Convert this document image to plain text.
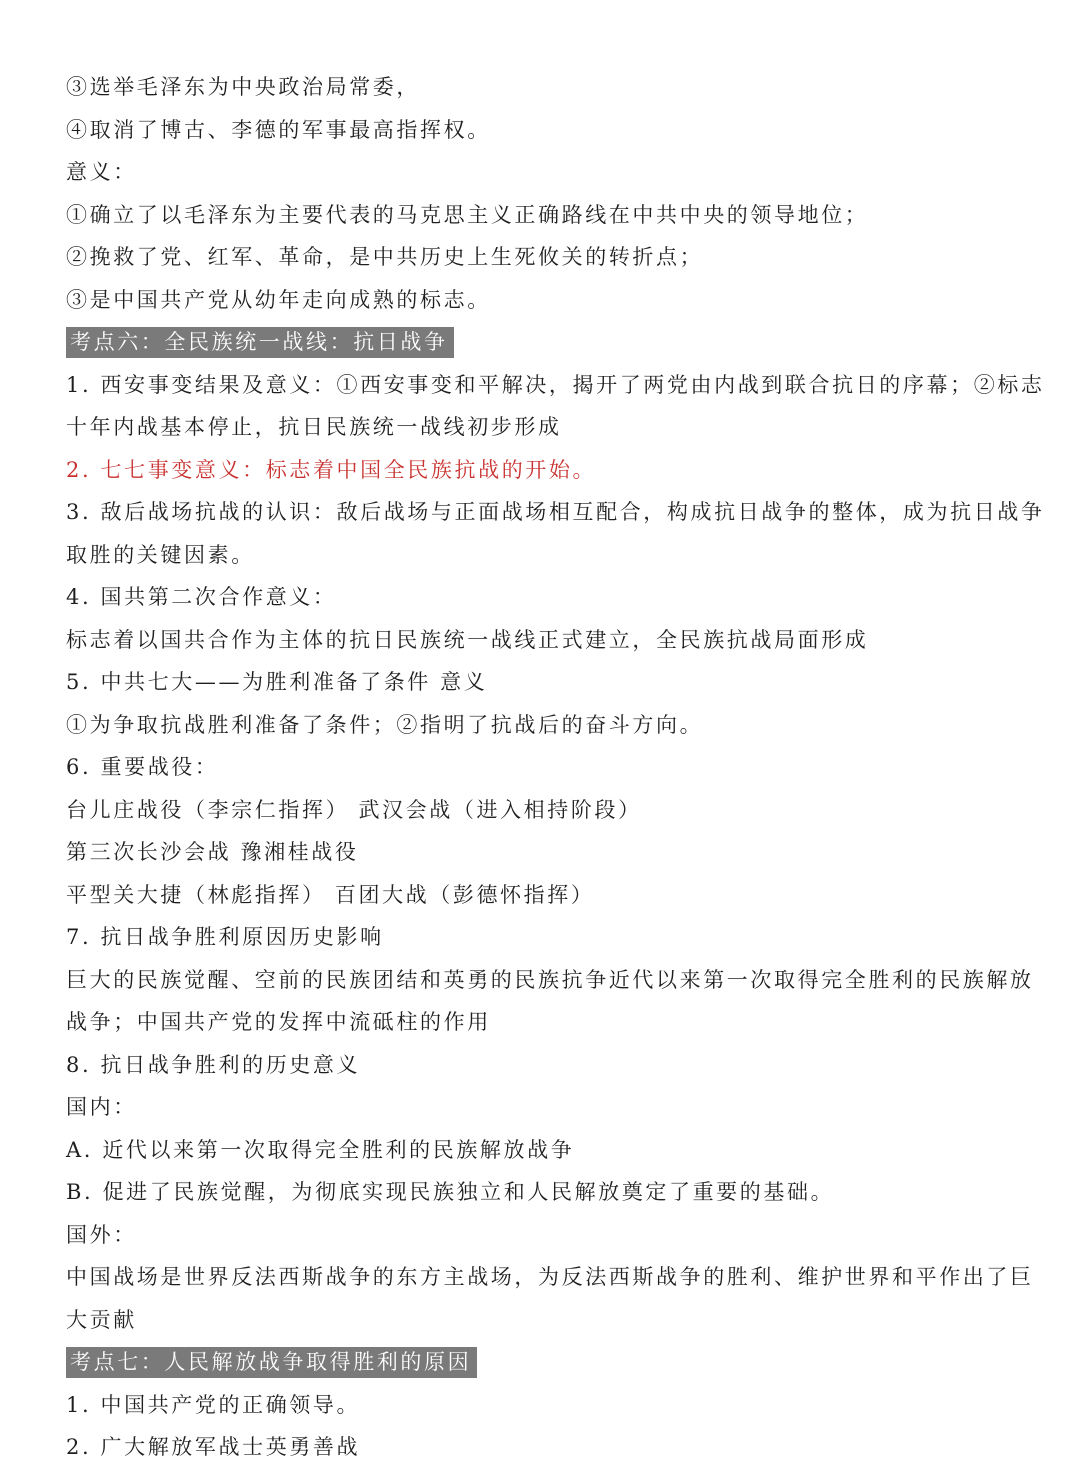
③选举毛泽东为中央政治局常委，
④取消了博古、李德的军事最高指挥权。
意义：
①确立了以毛泽东为主要代表的马克思主义正确路线在中共中央的领导地位；
②挽救了党、红军、革命，是中共历史上生死攸关的转折点；
③是中国共产党从幼年走向成熟的标志。
考点六：全民族统一战线：抗日战争
1. 西安事变结果及意义：①西安事变和平解决，揭开了两党由内战到联合抗日的序幕；②标志
十年内战基本停止，抗日民族统一战线初步形成
2. 七七事变意义：标志着中国全民族抗战的开始。
3. 敌后战场抗战的认识：敌后战场与正面战场相互配合，构成抗日战争的整体，成为抗日战争
取胜的关键因素。
4. 国共第二次合作意义：
标志着以国共合作为主体的抗日民族统一战线正式建立，全民族抗战局面形成
5. 中共七大——为胜利准备了条件 意义
①为争取抗战胜利准备了条件；②指明了抗战后的奋斗方向。
6. 重要战役：
台儿庄战役（李宗仁指挥） 武汉会战（进入相持阶段）
第三次长沙会战 豫湘桂战役
平型关大捷（林彪指挥） 百团大战（彭德怀指挥）
7. 抗日战争胜利原因历史影响
巨大的民族觉醒、空前的民族团结和英勇的民族抗争近代以来第一次取得完全胜利的民族解放
战争；中国共产党的发挥中流砥柱的作用
8. 抗日战争胜利的历史意义
国内：
A. 近代以来第一次取得完全胜利的民族解放战争
B. 促进了民族觉醒，为彻底实现民族独立和人民解放奠定了重要的基础。
国外：
中国战场是世界反法西斯战争的东方主战场，为反法西斯战争的胜利、维护世界和平作出了巨
大贡献
考点七：人民解放战争取得胜利的原因
1. 中国共产党的正确领导。
2. 广大解放军战士英勇善战
